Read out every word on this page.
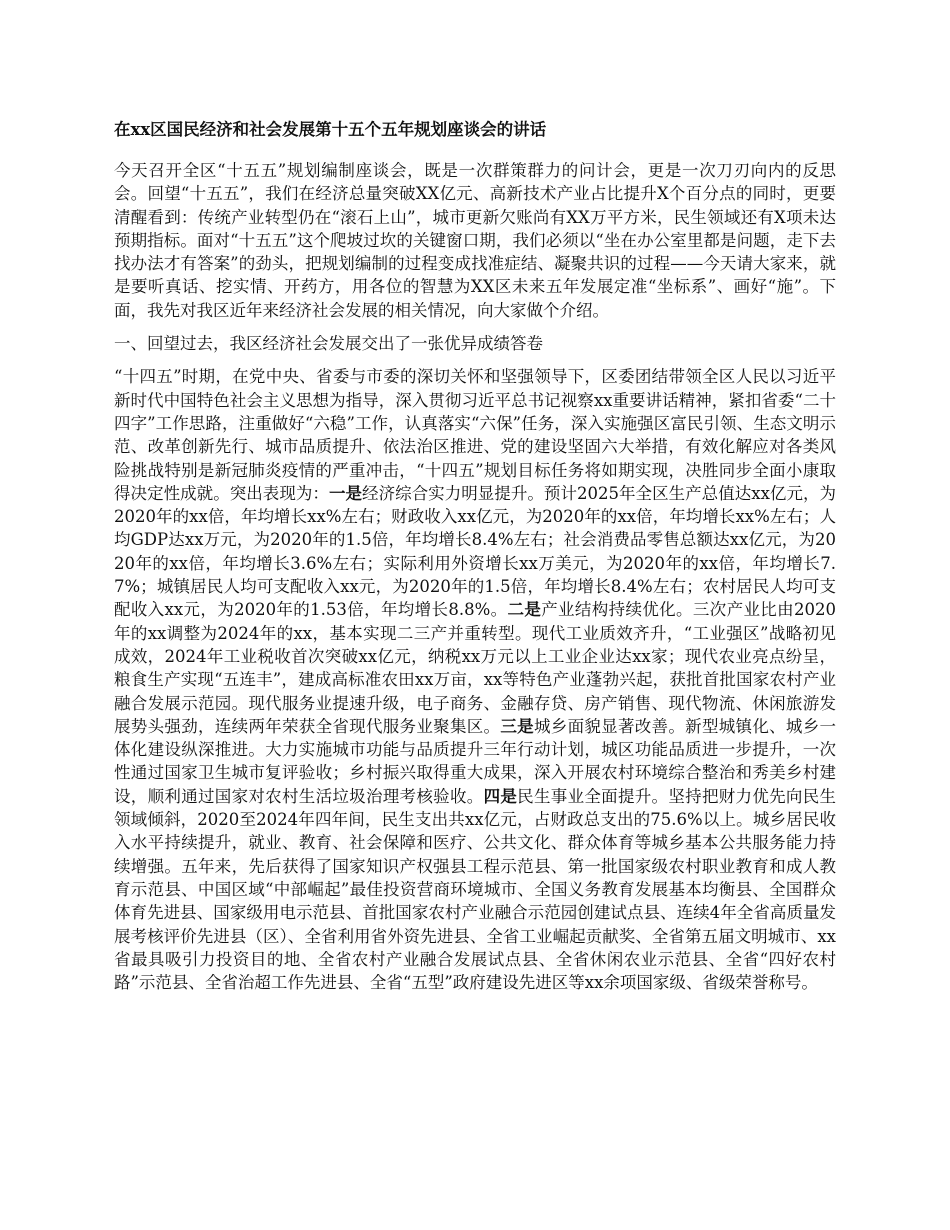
在xx区国民经济和社会发展第十五个五年规划座谈会的讲话

今天召开全区“十五五”规划编制座谈会，既是一次群策群力的问计会，更是一次刀刃向内的反思会。回望“十五五”，我们在经济总量突破XX亿元、高新技术产业占比提升X个百分点的同时，更要清醒看到：传统产业转型仍在“滚石上山”，城市更新欠账尚有XX万平方米，民生领域还有X项未达预期指标。面对“十五五”这个爬坡过坎的关键窗口期，我们必须以“坐在办公室里都是问题，走下去找办法才有答案”的劲头，把规划编制的过程变成找准症结、凝聚共识的过程——今天请大家来，就是要听真话、挖实情、开药方，用各位的智慧为XX区未来五年发展定准“坐标系”、画好“施”。下面，我先对我区近年来经济社会发展的相关情况，向大家做个介绍。

一、回望过去，我区经济社会发展交出了一张优异成绩答卷

“十四五”时期，在党中央、省委与市委的深切关怀和坚强领导下，区委团结带领全区人民以习近平新时代中国特色社会主义思想为指导，深入贯彻习近平总书记视察xx重要讲话精神，紧扣省委“二十四字”工作思路，注重做好“六稳”工作，认真落实“六保”任务，深入实施强区富民引领、生态文明示范、改革创新先行、城市品质提升、依法治区推进、党的建设坚固六大举措，有效化解应对各类风险挑战特别是新冠肺炎疫情的严重冲击，“十四五”规划目标任务将如期实现，决胜同步全面小康取得决定性成就。突出表现为：一是经济综合实力明显提升。预计2025年全区生产总值达xx亿元，为2020年的xx倍，年均增长xx%左右；财政收入xx亿元，为2020年的xx倍，年均增长xx%左右；人均GDP达xx万元，为2020年的1.5倍，年均增长8.4%左右；社会消费品零售总额达xx亿元，为2020年的xx倍，年均增长3.6%左右；实际利用外资增长xx万美元，为2020年的xx倍，年均增长7.7%；城镇居民人均可支配收入xx元，为2020年的1.5倍，年均增长8.4%左右；农村居民人均可支配收入xx元，为2020年的1.53倍，年均增长8.8%。二是产业结构持续优化。三次产业比由2020年的xx调整为2024年的xx，基本实现二三产并重转型。现代工业质效齐升，“工业强区”战略初见成效，2024年工业税收首次突破xx亿元，纳税xx万元以上工业企业达xx家；现代农业亮点纷呈，粮食生产实现“五连丰”，建成高标准农田xx万亩，xx等特色产业蓬勃兴起，获批首批国家农村产业融合发展示范园。现代服务业提速升级，电子商务、金融存贷、房产销售、现代物流、休闲旅游发展势头强劲，连续两年荣获全省现代服务业聚集区。三是城乡面貌显著改善。新型城镇化、城乡一体化建设纵深推进。大力实施城市功能与品质提升三年行动计划，城区功能品质进一步提升，一次性通过国家卫生城市复评验收；乡村振兴取得重大成果，深入开展农村环境综合整治和秀美乡村建设，顺利通过国家对农村生活垃圾治理考核验收。四是民生事业全面提升。坚持把财力优先向民生领域倾斜，2020至2024年四年间，民生支出共xx亿元，占财政总支出的75.6%以上。城乡居民收入水平持续提升，就业、教育、社会保障和医疗、公共文化、群众体育等城乡基本公共服务能力持续增强。五年来，先后获得了国家知识产权强县工程示范县、第一批国家级农村职业教育和成人教育示范县、中国区域“中部崛起”最佳投资营商环境城市、全国义务教育发展基本均衡县、全国群众体育先进县、国家级用电示范县、首批国家农村产业融合示范园创建试点县、连续4年全省高质量发展考核评价先进县（区）、全省利用省外资先进县、全省工业崛起贡献奖、全省第五届文明城市、xx省最具吸引力投资目的地、全省农村产业融合发展试点县、全省休闲农业示范县、全省“四好农村路”示范县、全省治超工作先进县、全省“五型”政府建设先进区等xx余项国家级、省级荣誉称号。
